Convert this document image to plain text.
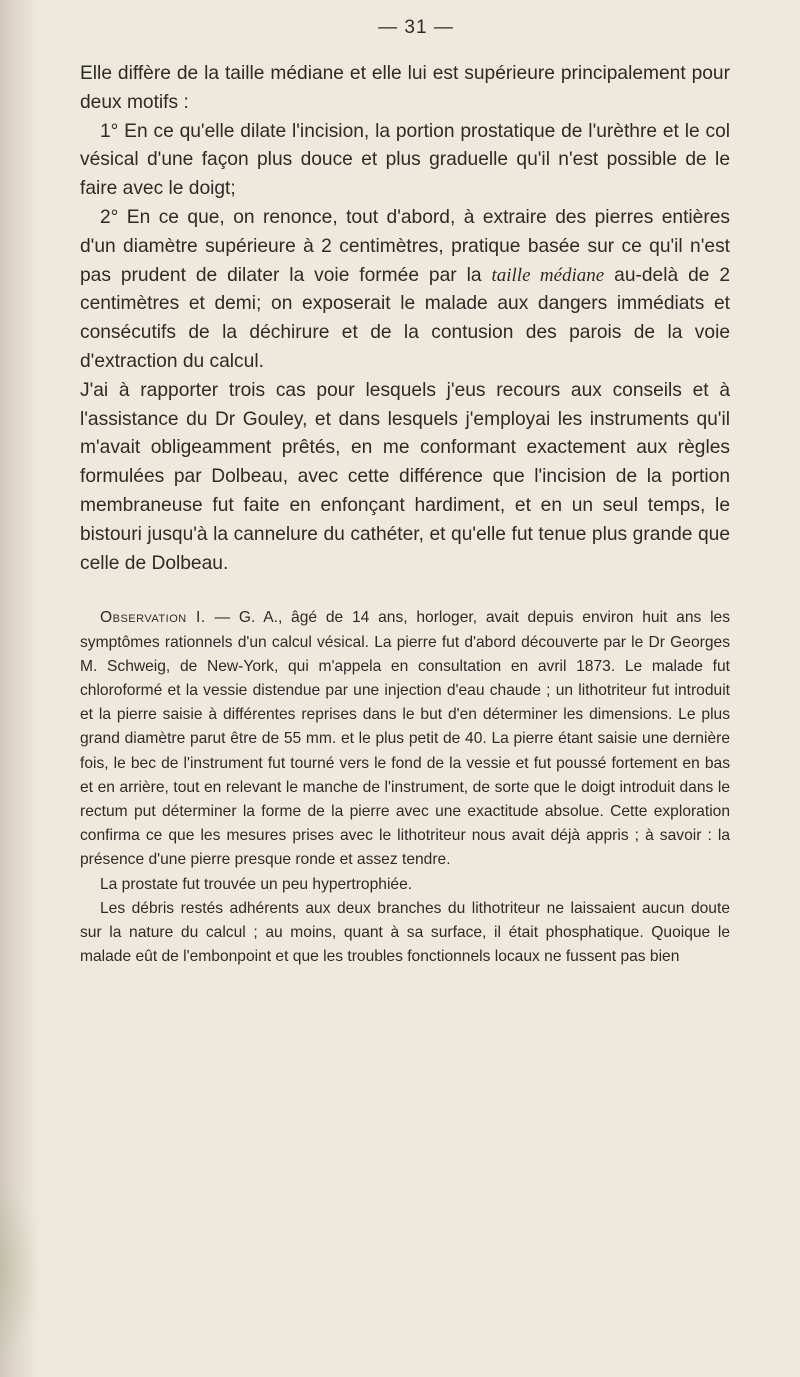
— 31 —
Elle diffère de la taille médiane et elle lui est supérieure principalement pour deux motifs :
1° En ce qu'elle dilate l'incision, la portion prostatique de l'urèthre et le col vésical d'une façon plus douce et plus graduelle qu'il n'est possible de le faire avec le doigt;
2° En ce que, on renonce, tout d'abord, à extraire des pierres entières d'un diamètre supérieure à 2 centimètres, pratique basée sur ce qu'il n'est pas prudent de dilater la voie formée par la taille médiane au-delà de 2 centimètres et demi; on exposerait le malade aux dangers immédiats et consécutifs de la déchirure et de la contusion des parois de la voie d'extraction du calcul.
J'ai à rapporter trois cas pour lesquels j'eus recours aux conseils et à l'assistance du Dr Gouley, et dans lesquels j'employai les instruments qu'il m'avait obligeamment prêtés, en me conformant exactement aux règles formulées par Dolbeau, avec cette différence que l'incision de la portion membraneuse fut faite en enfonçant hardiment, et en un seul temps, le bistouri jusqu'à la cannelure du cathéter, et qu'elle fut tenue plus grande que celle de Dolbeau.
Observation I. — G. A., âgé de 14 ans, horloger, avait depuis environ huit ans les symptômes rationnels d'un calcul vésical. La pierre fut d'abord découverte par le Dr Georges M. Schweig, de New-York, qui m'appela en consultation en avril 1873. Le malade fut chloroformé et la vessie distendue par une injection d'eau chaude ; un lithotriteur fut introduit et la pierre saisie à différentes reprises dans le but d'en déterminer les dimensions. Le plus grand diamètre parut être de 55 mm. et le plus petit de 40. La pierre étant saisie une dernière fois, le bec de l'instrument fut tourné vers le fond de la vessie et fut poussé fortement en bas et en arrière, tout en relevant le manche de l'instrument, de sorte que le doigt introduit dans le rectum put déterminer la forme de la pierre avec une exactitude absolue. Cette exploration confirma ce que les mesures prises avec le lithotriteur nous avait déjà appris ; à savoir : la présence d'une pierre presque ronde et assez tendre.
La prostate fut trouvée un peu hypertrophiée.
Les débris restés adhérents aux deux branches du lithotriteur ne laissaient aucun doute sur la nature du calcul ; au moins, quant à sa surface, il était phosphatique. Quoique le malade eût de l'embonpoint et que les troubles fonctionnels locaux ne fussent pas bien
